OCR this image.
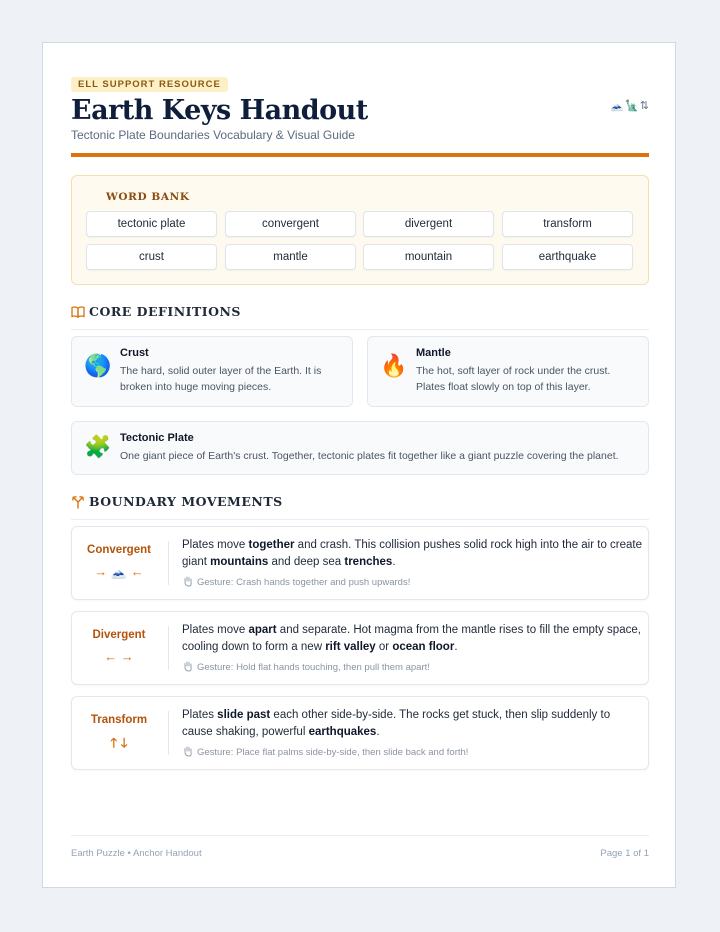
ELL SUPPORT RESOURCE
Earth Keys Handout
Tectonic Plate Boundaries Vocabulary & Visual Guide
🗻🗽⇅
WORD BANK
tectonic plate	convergent	divergent	transform
crust	mantle	mountain	earthquake
CORE DEFINITIONS
🌎 Crust
The hard, solid outer layer of the Earth. It is
broken into huge moving pieces.
🔥 Mantle
The hot, soft layer of rock under the crust.
Plates float slowly on top of this layer.
🧩 Tectonic Plate
One giant piece of Earth's crust. Together, tectonic plates fit together like a giant puzzle covering the planet.
BOUNDARY MOVEMENTS
Convergent
→ 🗻 ←
Plates move together and crash. This collision pushes solid rock high into the air to create giant mountains and deep sea trenches.
Gesture: Crash hands together and push upwards!
Divergent
← →
Plates move apart and separate. Hot magma from the mantle rises to fill the empty space, cooling down to form a new rift valley or ocean floor.
Gesture: Hold flat hands touching, then pull them apart!
Transform
🡑 🡓
Plates slide past each other side-by-side. The rocks get stuck, then slip suddenly to cause shaking, powerful earthquakes.
Gesture: Place flat palms side-by-side, then slide back and forth!
Earth Puzzle • Anchor Handout	Page 1 of 1
